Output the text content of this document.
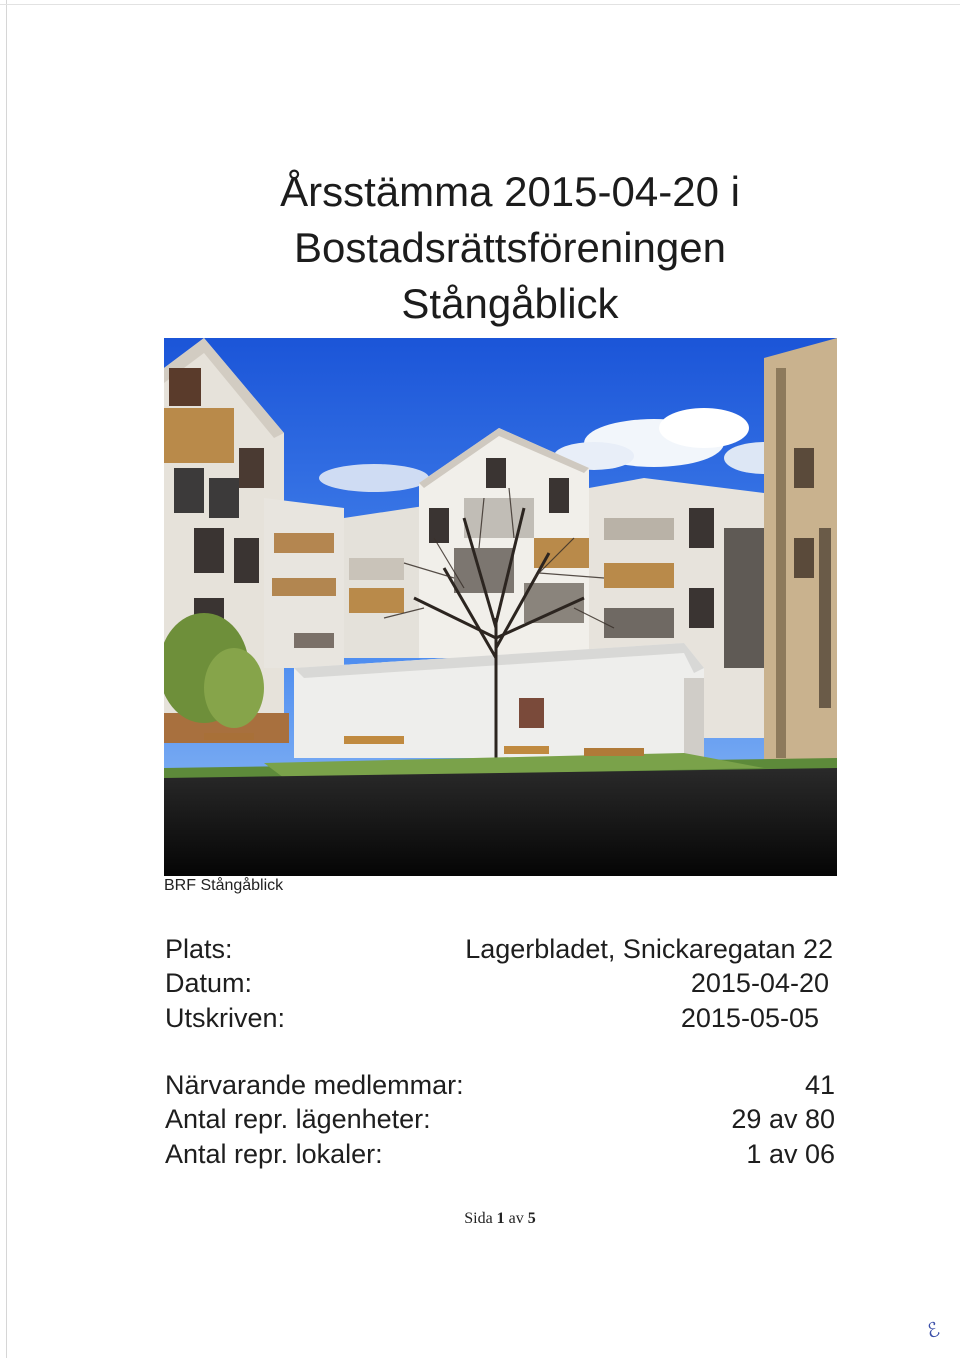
Årsstämma 2015-04-20 i
Bostadsrättsföreningen
Stångåblick
BRF Stångåblick
Plats:	Lagerbladet, Snickaregatan 22
Datum:	2015-04-20
Utskriven:	2015-05-05
Närvarande medlemmar:	41
Antal repr. lägenheter:	29 av 80
Antal repr. lokaler:	1 av 06
Sida 1 av 5
ℰ
